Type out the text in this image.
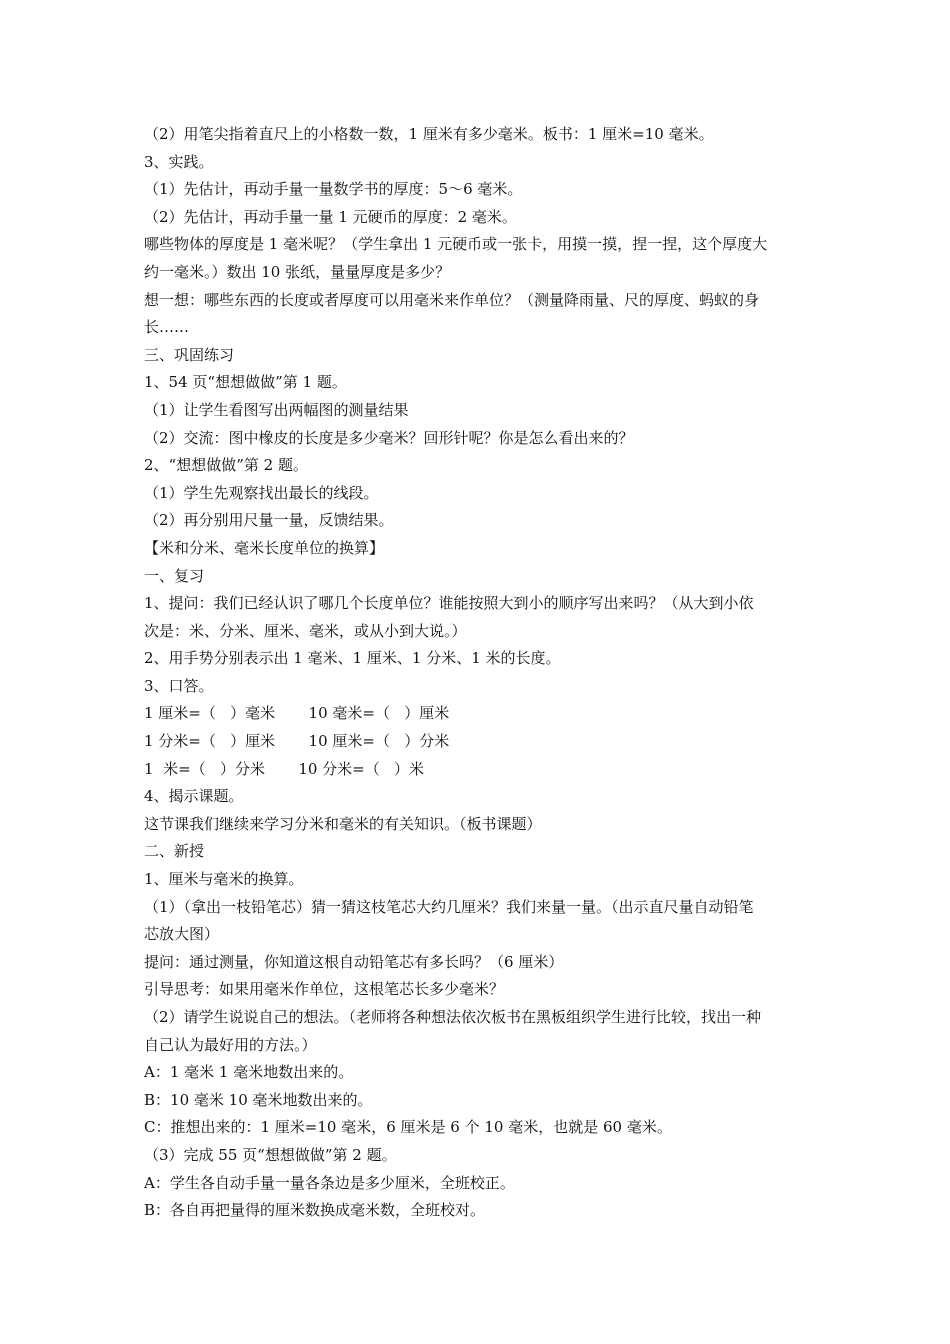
（2）用笔尖指着直尺上的小格数一数，1 厘米有多少毫米。板书：1 厘米=10 毫米。

3、实践。

（1）先估计，再动手量一量数学书的厚度：5～6 毫米。

（2）先估计，再动手量一量 1 元硬币的厚度：2 毫米。

哪些物体的厚度是 1 毫米呢？（学生拿出 1 元硬币或一张卡，用摸一摸，捏一捏，这个厚度大

约一毫米。）数出 10 张纸，量量厚度是多少？

想一想：哪些东西的长度或者厚度可以用毫米来作单位？（测量降雨量、尺的厚度、蚂蚁的身

长……

三、巩固练习

1、54 页“想想做做”第 1 题。

（1）让学生看图写出两幅图的测量结果

（2）交流：图中橡皮的长度是多少毫米？回形针呢？你是怎么看出来的？

2、“想想做做”第 2 题。

（1）学生先观察找出最长的线段。

（2）再分别用尺量一量，反馈结果。

【米和分米、毫米长度单位的换算】

一、复习

1、提问：我们已经认识了哪几个长度单位？谁能按照大到小的顺序写出来吗？（从大到小依

次是：米、分米、厘米、毫米，或从小到大说。）

2、用手势分别表示出 1 毫米、1 厘米、1 分米、1 米的长度。

3、口答。

1 厘米=（   ）毫米       10 毫米=（   ）厘米

1 分米=（   ）厘米       10 厘米=（   ）分米

1  米=（   ）分米       10 分米=（   ）米

4、揭示课题。

这节课我们继续来学习分米和毫米的有关知识。（板书课题）

二、新授

1、厘米与毫米的换算。

（1）（拿出一枝铅笔芯）猜一猜这枝笔芯大约几厘米？我们来量一量。（出示直尺量自动铅笔

芯放大图）

提问：通过测量，你知道这根自动铅笔芯有多长吗？（6 厘米）

引导思考：如果用毫米作单位，这根笔芯长多少毫米？

（2）请学生说说自己的想法。（老师将各种想法依次板书在黑板组织学生进行比较，找出一种

自己认为最好用的方法。）

A：1 毫米 1 毫米地数出来的。

B：10 毫米 10 毫米地数出来的。

C：推想出来的：1 厘米=10 毫米，6 厘米是 6 个 10 毫米，也就是 60 毫米。

（3）完成 55 页“想想做做”第 2 题。

A：学生各自动手量一量各条边是多少厘米，全班校正。

B：各自再把量得的厘米数换成毫米数，全班校对。
